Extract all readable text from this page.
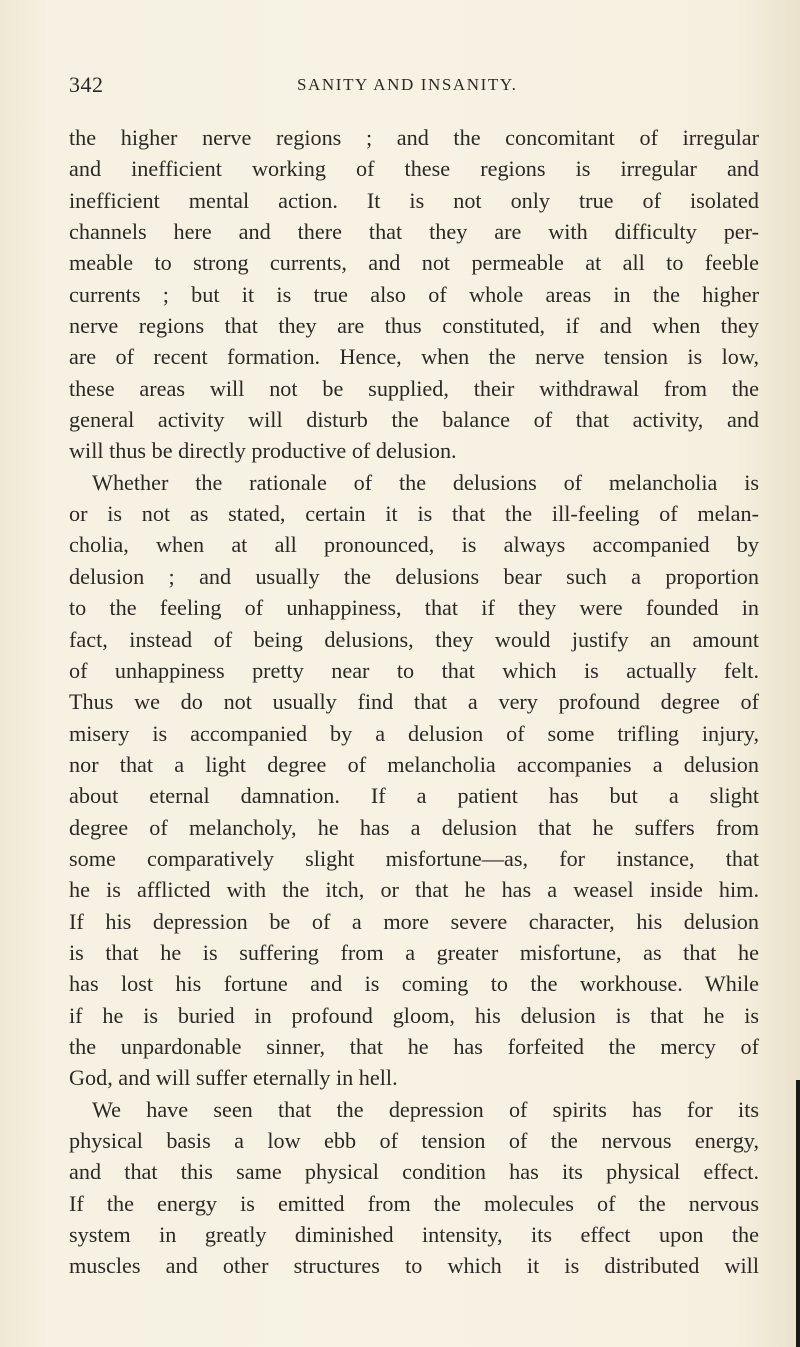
342	SANITY AND INSANITY.
the higher nerve regions ; and the concomitant of irregular
and inefficient working of these regions is irregular and
inefficient mental action. It is not only true of isolated
channels here and there that they are with difficulty per-
meable to strong currents, and not permeable at all to feeble
currents ; but it is true also of whole areas in the higher
nerve regions that they are thus constituted, if and when they
are of recent formation. Hence, when the nerve tension is low,
these areas will not be supplied, their withdrawal from the
general activity will disturb the balance of that activity, and
will thus be directly productive of delusion.
Whether the rationale of the delusions of melancholia is
or is not as stated, certain it is that the ill-feeling of melan-
cholia, when at all pronounced, is always accompanied by
delusion ; and usually the delusions bear such a proportion
to the feeling of unhappiness, that if they were founded in
fact, instead of being delusions, they would justify an amount
of unhappiness pretty near to that which is actually felt.
Thus we do not usually find that a very profound degree of
misery is accompanied by a delusion of some trifling injury,
nor that a light degree of melancholia accompanies a delusion
about eternal damnation. If a patient has but a slight
degree of melancholy, he has a delusion that he suffers from
some comparatively slight misfortune—as, for instance, that
he is afflicted with the itch, or that he has a weasel inside him.
If his depression be of a more severe character, his delusion
is that he is suffering from a greater misfortune, as that he
has lost his fortune and is coming to the workhouse. While
if he is buried in profound gloom, his delusion is that he is
the unpardonable sinner, that he has forfeited the mercy of
God, and will suffer eternally in hell.
We have seen that the depression of spirits has for its
physical basis a low ebb of tension of the nervous energy,
and that this same physical condition has its physical effect.
If the energy is emitted from the molecules of the nervous
system in greatly diminished intensity, its effect upon the
muscles and other structures to which it is distributed will
